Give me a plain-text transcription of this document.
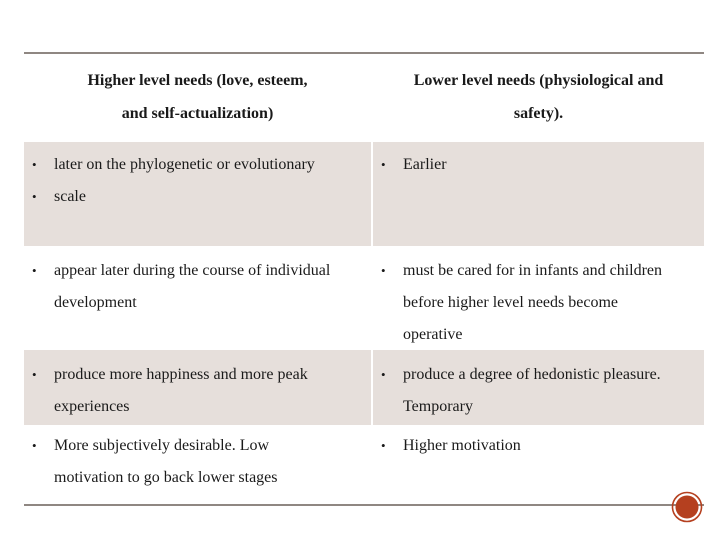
Higher level needs (love, esteem,
and self-actualization)
Lower level needs (physiological and
safety).
• later on the phylogenetic or evolutionary
• scale
• Earlier
• appear later during the course of individual
development
• must be cared for in infants and children
before higher level needs become
operative
• produce more happiness and more peak
experiences
• produce a degree of hedonistic pleasure.
Temporary
• More subjectively desirable. Low
motivation to go back lower stages
• Higher motivation
